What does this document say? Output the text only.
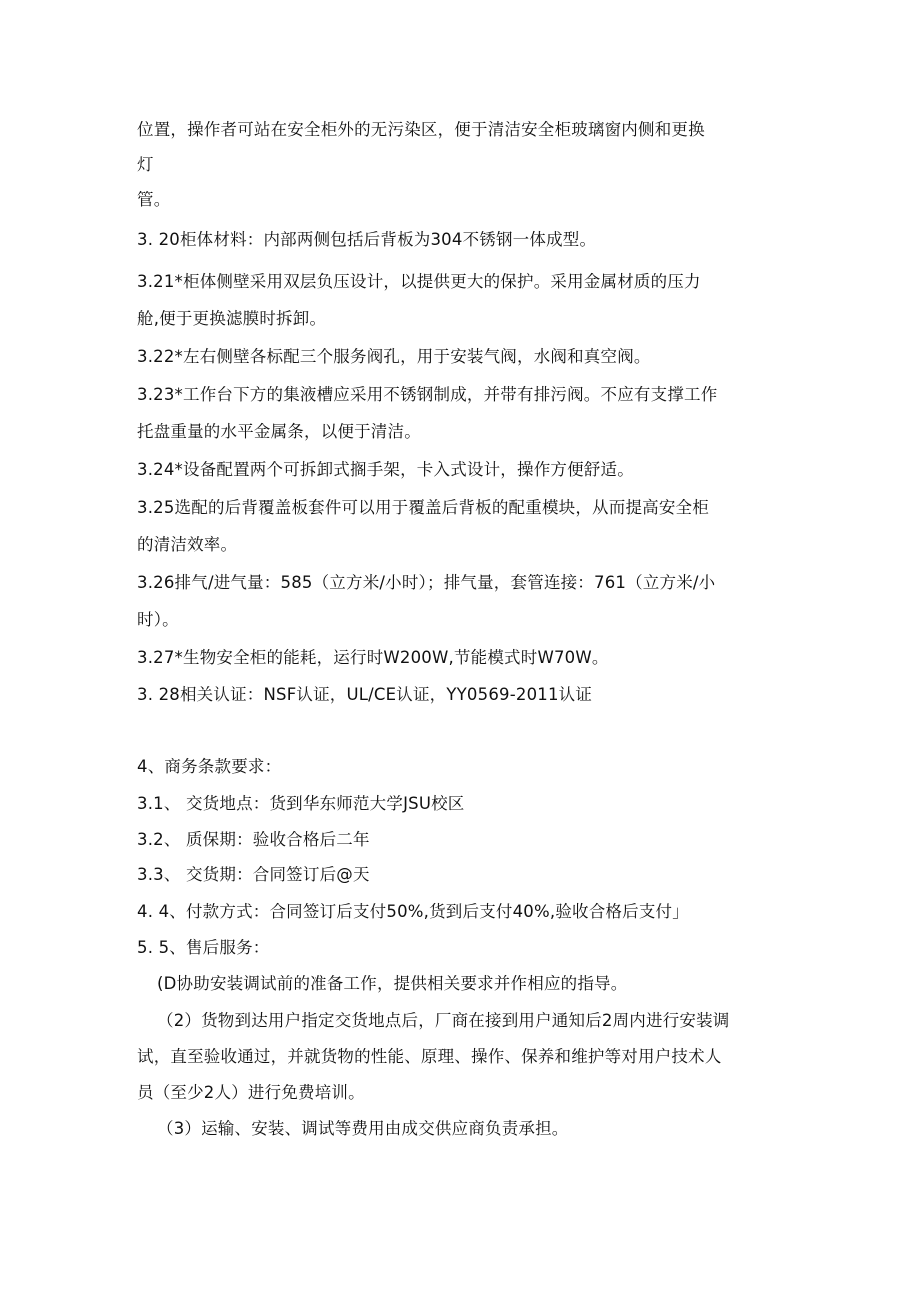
位置，操作者可站在安全柜外的无污染区，便于清洁安全柜玻璃窗内侧和更换
灯
管。
3. 20柜体材料：内部两侧包括后背板为304不锈钢一体成型。
3.21*柜体侧壁采用双层负压设计，以提供更大的保护。采用金属材质的压力
舱,便于更换滤膜时拆卸。
3.22*左右侧壁各标配三个服务阀孔，用于安装气阀，水阀和真空阀。
3.23*工作台下方的集液槽应采用不锈钢制成，并带有排污阀。不应有支撑工作
托盘重量的水平金属条，以便于清洁。
3.24*设备配置两个可拆卸式搁手架，卡入式设计，操作方便舒适。
3.25选配的后背覆盖板套件可以用于覆盖后背板的配重模块，从而提高安全柜
的清洁效率。
3.26排气/进气量：585（立方米/小时）；排气量，套管连接：761（立方米/小
时）。
3.27*生物安全柜的能耗，运行时W200W,节能模式时W70W。
3. 28相关认证：NSF认证，UL/CE认证，YY0569-2011认证
4、商务条款要求：
3.1、 交货地点：货到华东师范大学JSU校区
3.2、 质保期：验收合格后二年
3.3、 交货期：合同签订后@天
4. 4、付款方式：合同签订后支付50%,货到后支付40%,验收合格后支付」
5. 5、售后服务：
(D协助安装调试前的准备工作，提供相关要求并作相应的指导。
（2）货物到达用户指定交货地点后，厂商在接到用户通知后2周内进行安装调
试，直至验收通过，并就货物的性能、原理、操作、保养和维护等对用户技术人
员（至少2人）进行免费培训。
（3）运输、安装、调试等费用由成交供应商负责承担。
